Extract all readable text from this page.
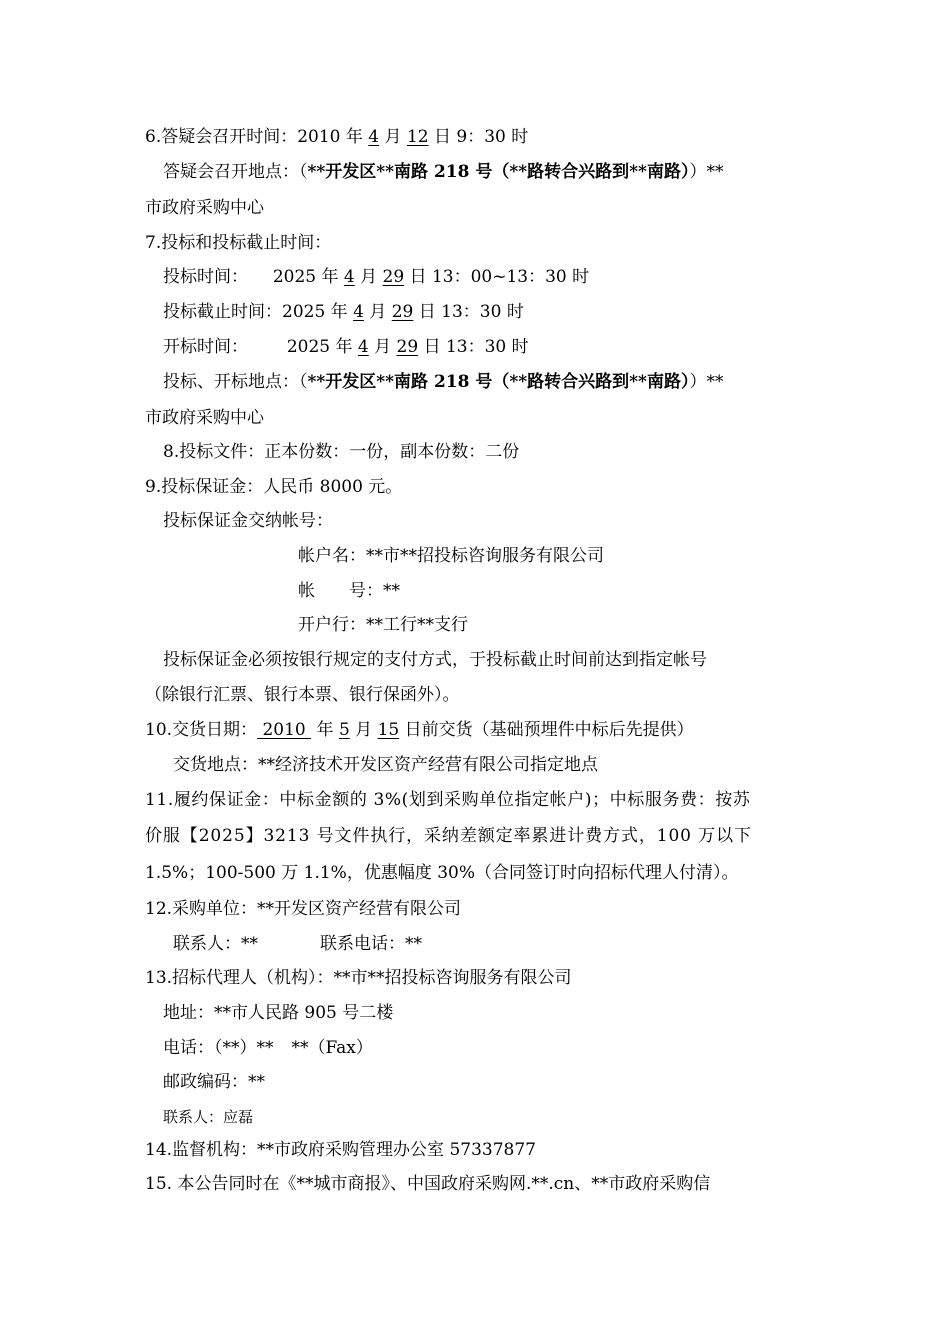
6.答疑会召开时间：2010 年 4 月 12 日 9：30 时
答疑会召开地点：（**开发区**南路 218 号（**路转合兴路到**南路））**
市政府采购中心
7.投标和投标截止时间：
投标时间： 2025 年 4 月 29 日 13：00~13：30 时
投标截止时间：2025 年 4 月 29 日 13：30 时
开标时间： 2025 年 4 月 29 日 13：30 时
投标、开标地点：（**开发区**南路 218 号（**路转合兴路到**南路））**
市政府采购中心
8.投标文件：正本份数：一份，副本份数：二份
9.投标保证金：人民币 8000 元。
投标保证金交纳帐号：
帐户名：**市**招投标咨询服务有限公司
帐 号：**
开户行：**工行**支行
投标保证金必须按银行规定的支付方式，于投标截止时间前达到指定帐号
（除银行汇票、银行本票、银行保函外）。
10.交货日期： 2010  年 5 月 15 日前交货（基础预埋件中标后先提供）
交货地点：**经济技术开发区资产经营有限公司指定地点
11.履约保证金：中标金额的 3%(划到采购单位指定帐户)；中标服务费：按苏
价服【2025】3213 号文件执行，采纳差额定率累进计费方式，100 万以下
1.5%；100-500 万 1.1%，优惠幅度 30%（合同签订时向招标代理人付清）。
12.采购单位：**开发区资产经营有限公司
联系人：**	联系电话：**
13.招标代理人（机构）：**市**招投标咨询服务有限公司
地址：**市人民路 905 号二楼
电话：（**）** **（Fax）
邮政编码：**
联系人：应磊
14.监督机构：**市政府采购管理办公室 57337877
15. 本公告同时在《**城市商报》、中国政府采购网.**.cn、**市政府采购信
